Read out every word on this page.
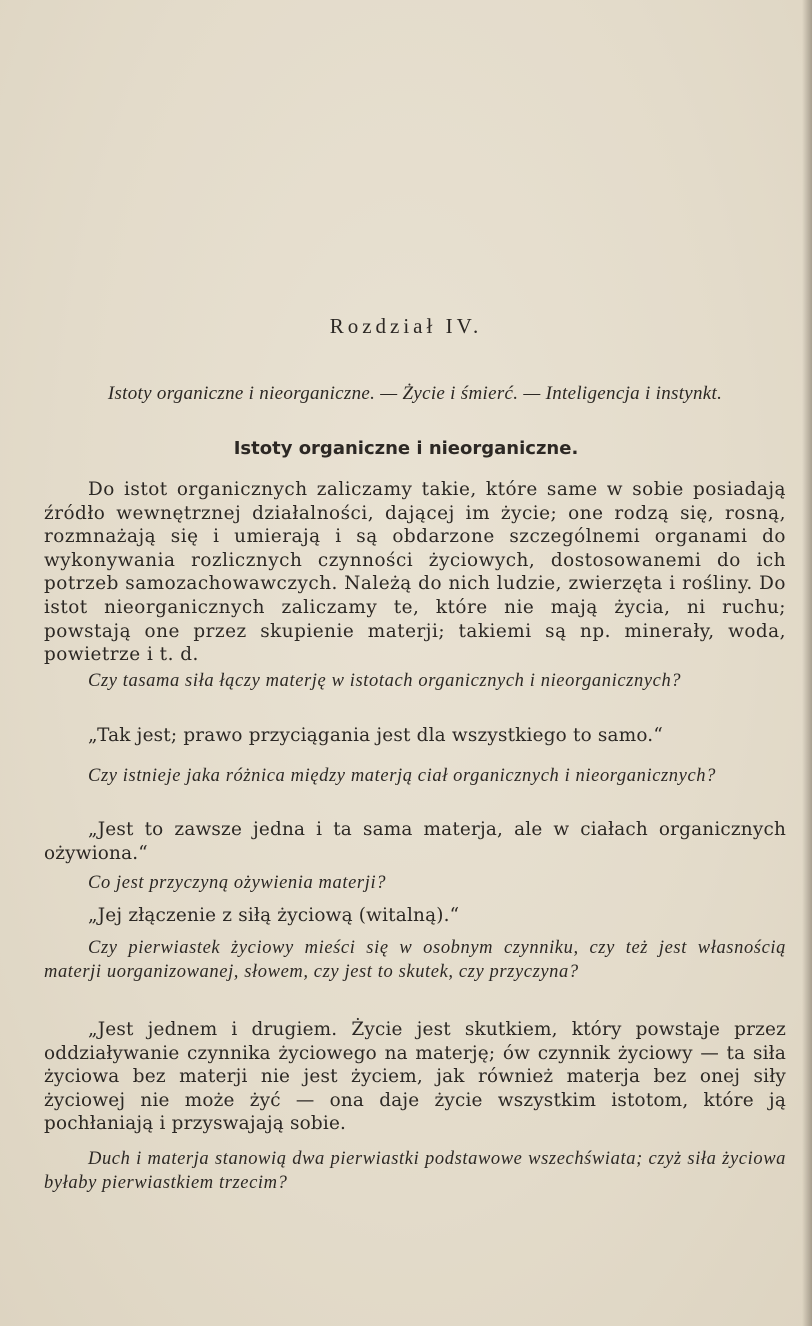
Rozdział IV.
Istoty organiczne i nieorganiczne. — Życie i śmierć. — Inteligencja i instynkt.
Istoty organiczne i nieorganiczne.
Do istot organicznych zaliczamy takie, które same w sobie posiadają źródło wewnętrznej działalności, dającej im życie; one rodzą się, rosną, rozmnażają się i umierają i są obdarzone szczególnemi organami do wykonywania rozlicznych czynności życiowych, dostosowanemi do ich potrzeb samozachowawczych. Należą do nich ludzie, zwierzęta i rośliny. Do istot nieorganicznych zaliczamy te, które nie mają życia, ni ruchu; powstają one przez skupienie materji; takiemi są np. minerały, woda, powietrze i t. d.
Czy tasama siła łączy materję w istotach organicznych i nieorganicznych?
„Tak jest; prawo przyciągania jest dla wszystkiego to samo.“
Czy istnieje jaka różnica między materją ciał organicznych i nieorganicznych?
„Jest to zawsze jedna i ta sama materja, ale w ciałach organicznych ożywiona.“
Co jest przyczyną ożywienia materji?
„Jej złączenie z siłą życiową (witalną).“
Czy pierwiastek życiowy mieści się w osobnym czynniku, czy też jest własnością materji uorganizowanej, słowem, czy jest to skutek, czy przyczyna?
„Jest jednem i drugiem. Życie jest skutkiem, który powstaje przez oddziaływanie czynnika życiowego na materję; ów czynnik życiowy — ta siła życiowa bez materji nie jest życiem, jak również materja bez onej siły życiowej nie może żyć — ona daje życie wszystkim istotom, które ją pochłaniają i przyswajają sobie.
Duch i materja stanowią dwa pierwiastki podstawowe wszechświata; czyż siła życiowa byłaby pierwiastkiem trzecim?
